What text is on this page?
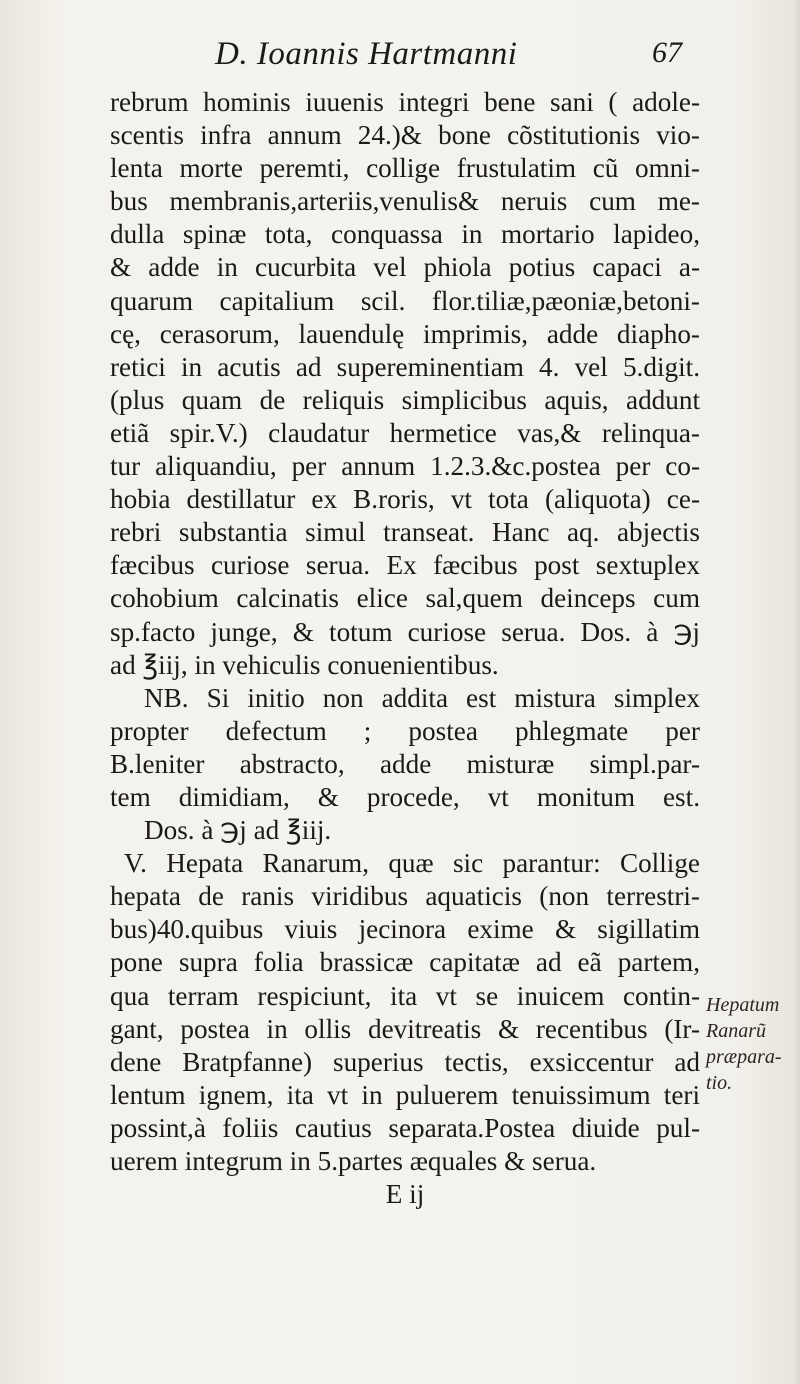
D. Ioannis Hartmanni	67
rebrum hominis iuuenis integri bene sani ( adole-
scentis infra annum 24.)& bone cõstitutionis vio-
lenta morte peremti, collige frustulatim cũ omni-
bus membranis,arteriis,venulis& neruis cum me-
dulla spinæ tota, conquassa in mortario lapideo,
& adde in cucurbita vel phiola potius capaci a-
quarum capitalium scil. flor.tiliæ,pæoniæ,betoni-
cę, cerasorum, lauendulę imprimis, adde diapho-
retici in acutis ad supereminentiam 4. vel 5.digit.
(plus quam de reliquis simplicibus aquis, addunt
etiã spir.V.) claudatur hermetice vas,& relinqua-
tur aliquandiu, per annum 1.2.3.&c.postea per co-
hobia destillatur ex B.roris, vt tota (aliquota) ce-
rebri substantia simul transeat. Hanc aq. abjectis
fæcibus curiose serua. Ex fæcibus post sextuplex
cohobium calcinatis elice sal,quem deinceps cum
sp.facto junge, & totum curiose serua. Dos. à ℈j
ad ℥iij, in vehiculis conuenientibus.
NB. Si initio non addita est mistura simplex
propter defectum ; postea phlegmate per
B.leniter abstracto, adde misturæ simpl.par-
tem dimidiam, & procede, vt monitum est.
Dos. à ℈j ad ℥iij.
V. Hepata Ranarum, quæ sic parantur: Collige
hepata de ranis viridibus aquaticis (non terrestri-
bus)40.quibus viuis jecinora exime & sigillatim
pone supra folia brassicæ capitatæ ad eã partem,
qua terram respiciunt, ita vt se inuicem contin-
gant, postea in ollis devitreatis & recentibus (Ir-
dene Bratpfanne) superius tectis, exsiccentur ad
lentum ignem, ita vt in puluerem tenuissimum teri
possint,à foliis cautius separata.Postea diuide pul-
uerem integrum in 5.partes æquales & serua.
E ij
Hepatum
Ranarũ
præpara-
tio.
